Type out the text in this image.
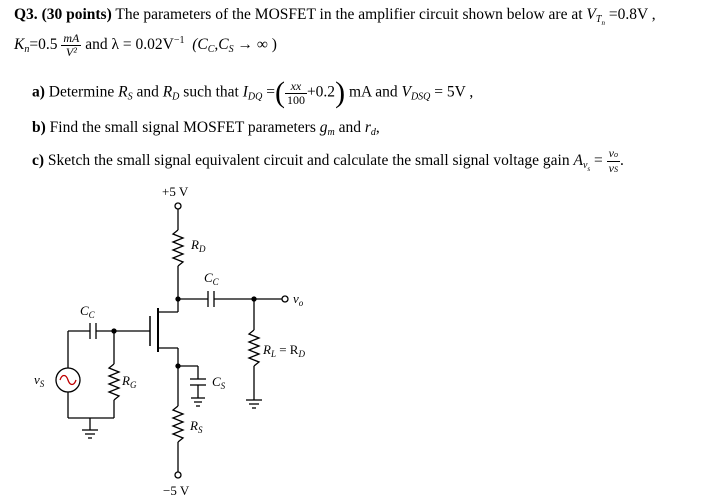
Q3. (30 points) The parameters of the MOSFET in the amplifier circuit shown below are at $V_{Tn} =0.8V$ ,
$K_n=0.5 \frac{mA}{\text{V²}}$ and $\lambda = 0.02V^{-1}$ ($C_C,C_S$ → ∞ )
a) Determine $R_S$ and $R_D$ such that $I_{DQ}$ =( $\frac{xx}{100} +0.2$) mA and $V_{DSQ} = 5V$ ,
b) Find the small signal MOSFET parameters $g_m$ and $r_d$,
c) Sketch the small signal equivalent circuit and calculate the small signal voltage gain $A_{vs} = \frac{vo}{vS}$ .
+5 V
$R_D$
$C_C$
$v_o$
$R_L = R_D$
$C_C$
$v_S$	$R_G$	$C_S$
$R_S$
−5 V
